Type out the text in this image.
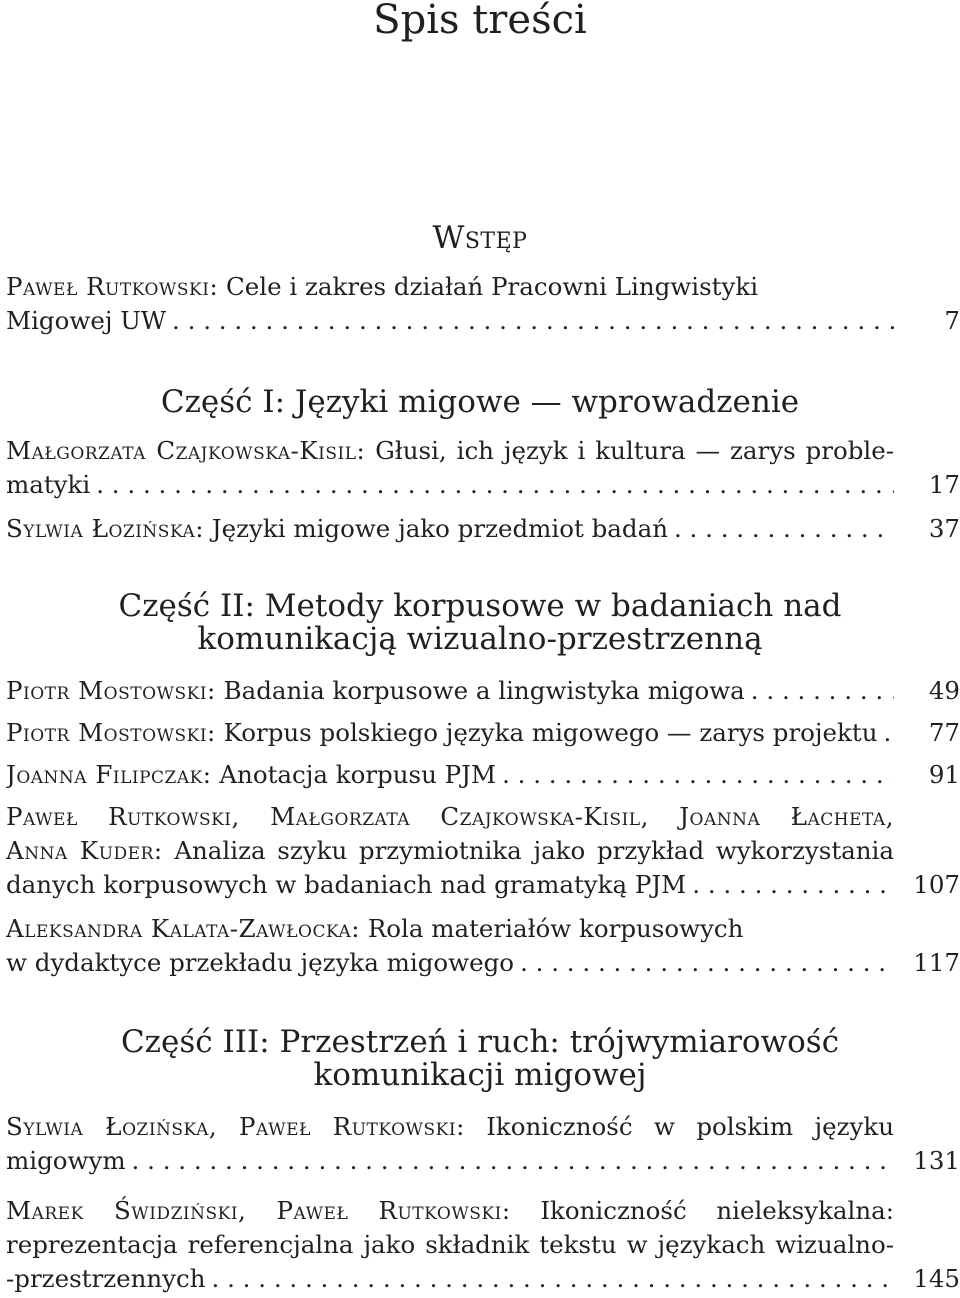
Spis treści
Wstęp
Paweł Rutkowski: Cele i zakres działań Pracowni Lingwistyki
Migowej UW . . .	7
Część I: Języki migowe — wprowadzenie
Małgorzata Czajkowska-Kisil: Głusi, ich język i kultura — zarys proble-
matyki . . .	17
Sylwia Łozińska: Języki migowe jako przedmiot badań . . .	37
Część II: Metody korpusowe w badaniach nad
komunikacją wizualno-przestrzenną
Piotr Mostowski: Badania korpusowe a lingwistyka migowa . . .	49
Piotr Mostowski: Korpus polskiego języka migowego — zarys projektu . . .	77
Joanna Filipczak: Anotacja korpusu PJM . . .	91
Paweł Rutkowski, Małgorzata Czajkowska-Kisil, Joanna Łacheta,
Anna Kuder: Analiza szyku przymiotnika jako przykład wykorzystania
danych korpusowych w badaniach nad gramatyką PJM . . .	107
Aleksandra Kalata-Zawłocka: Rola materiałów korpusowych
w dydaktyce przekładu języka migowego . . .	117
Część III: Przestrzeń i ruch: trójwymiarowość
komunikacji migowej
Sylwia Łozińska, Paweł Rutkowski: Ikoniczność w polskim języku
migowym . . .	131
Marek Świdziński, Paweł Rutkowski: Ikoniczność nieleksykalna:
reprezentacja referencjalna jako składnik tekstu w językach wizualno-
-przestrzennych . . .	145
